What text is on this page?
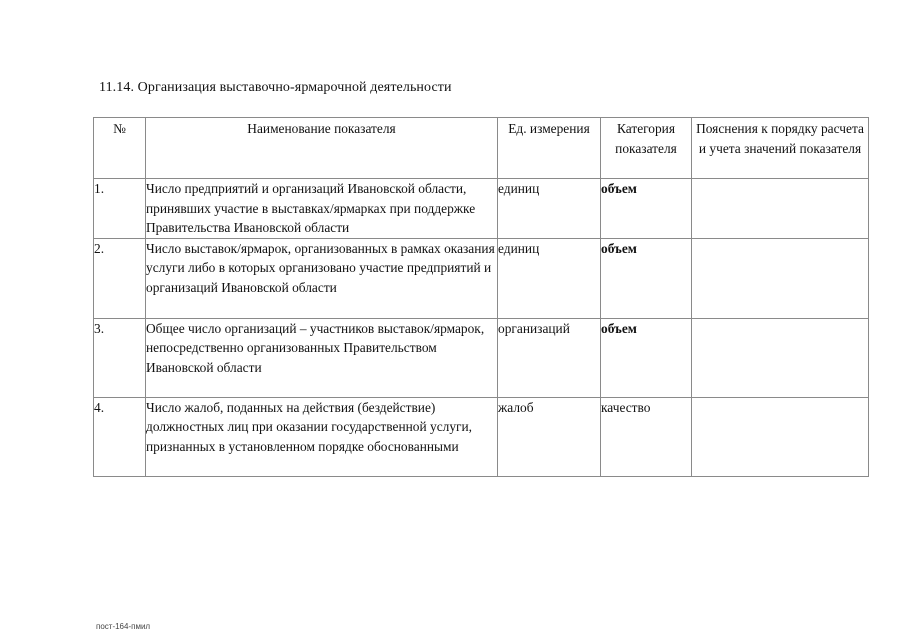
11.14. Организация выставочно-ярмарочной деятельности
№	Наименование показателя	Ед. измерения	Категория показателя	Пояснения к порядку расчета и учета значений показателя
1.	Число предприятий и организаций Ивановской области, принявших участие в выставках/ярмарках при поддержке Правительства Ивановской области	единиц	объем	
2.	Число выставок/ярмарок, организованных в рамках оказания услуги либо в которых организовано участие предприятий и организаций Ивановской области	единиц	объем	
3.	Общее число организаций – участников выставок/ярмарок, непосредственно организованных Правительством Ивановской области	организаций	объем	
4.	Число жалоб, поданных на действия (бездействие) должностных лиц при оказании государственной услуги, признанных в установленном порядке обоснованными	жалоб	качество	
пост-164-пмил
